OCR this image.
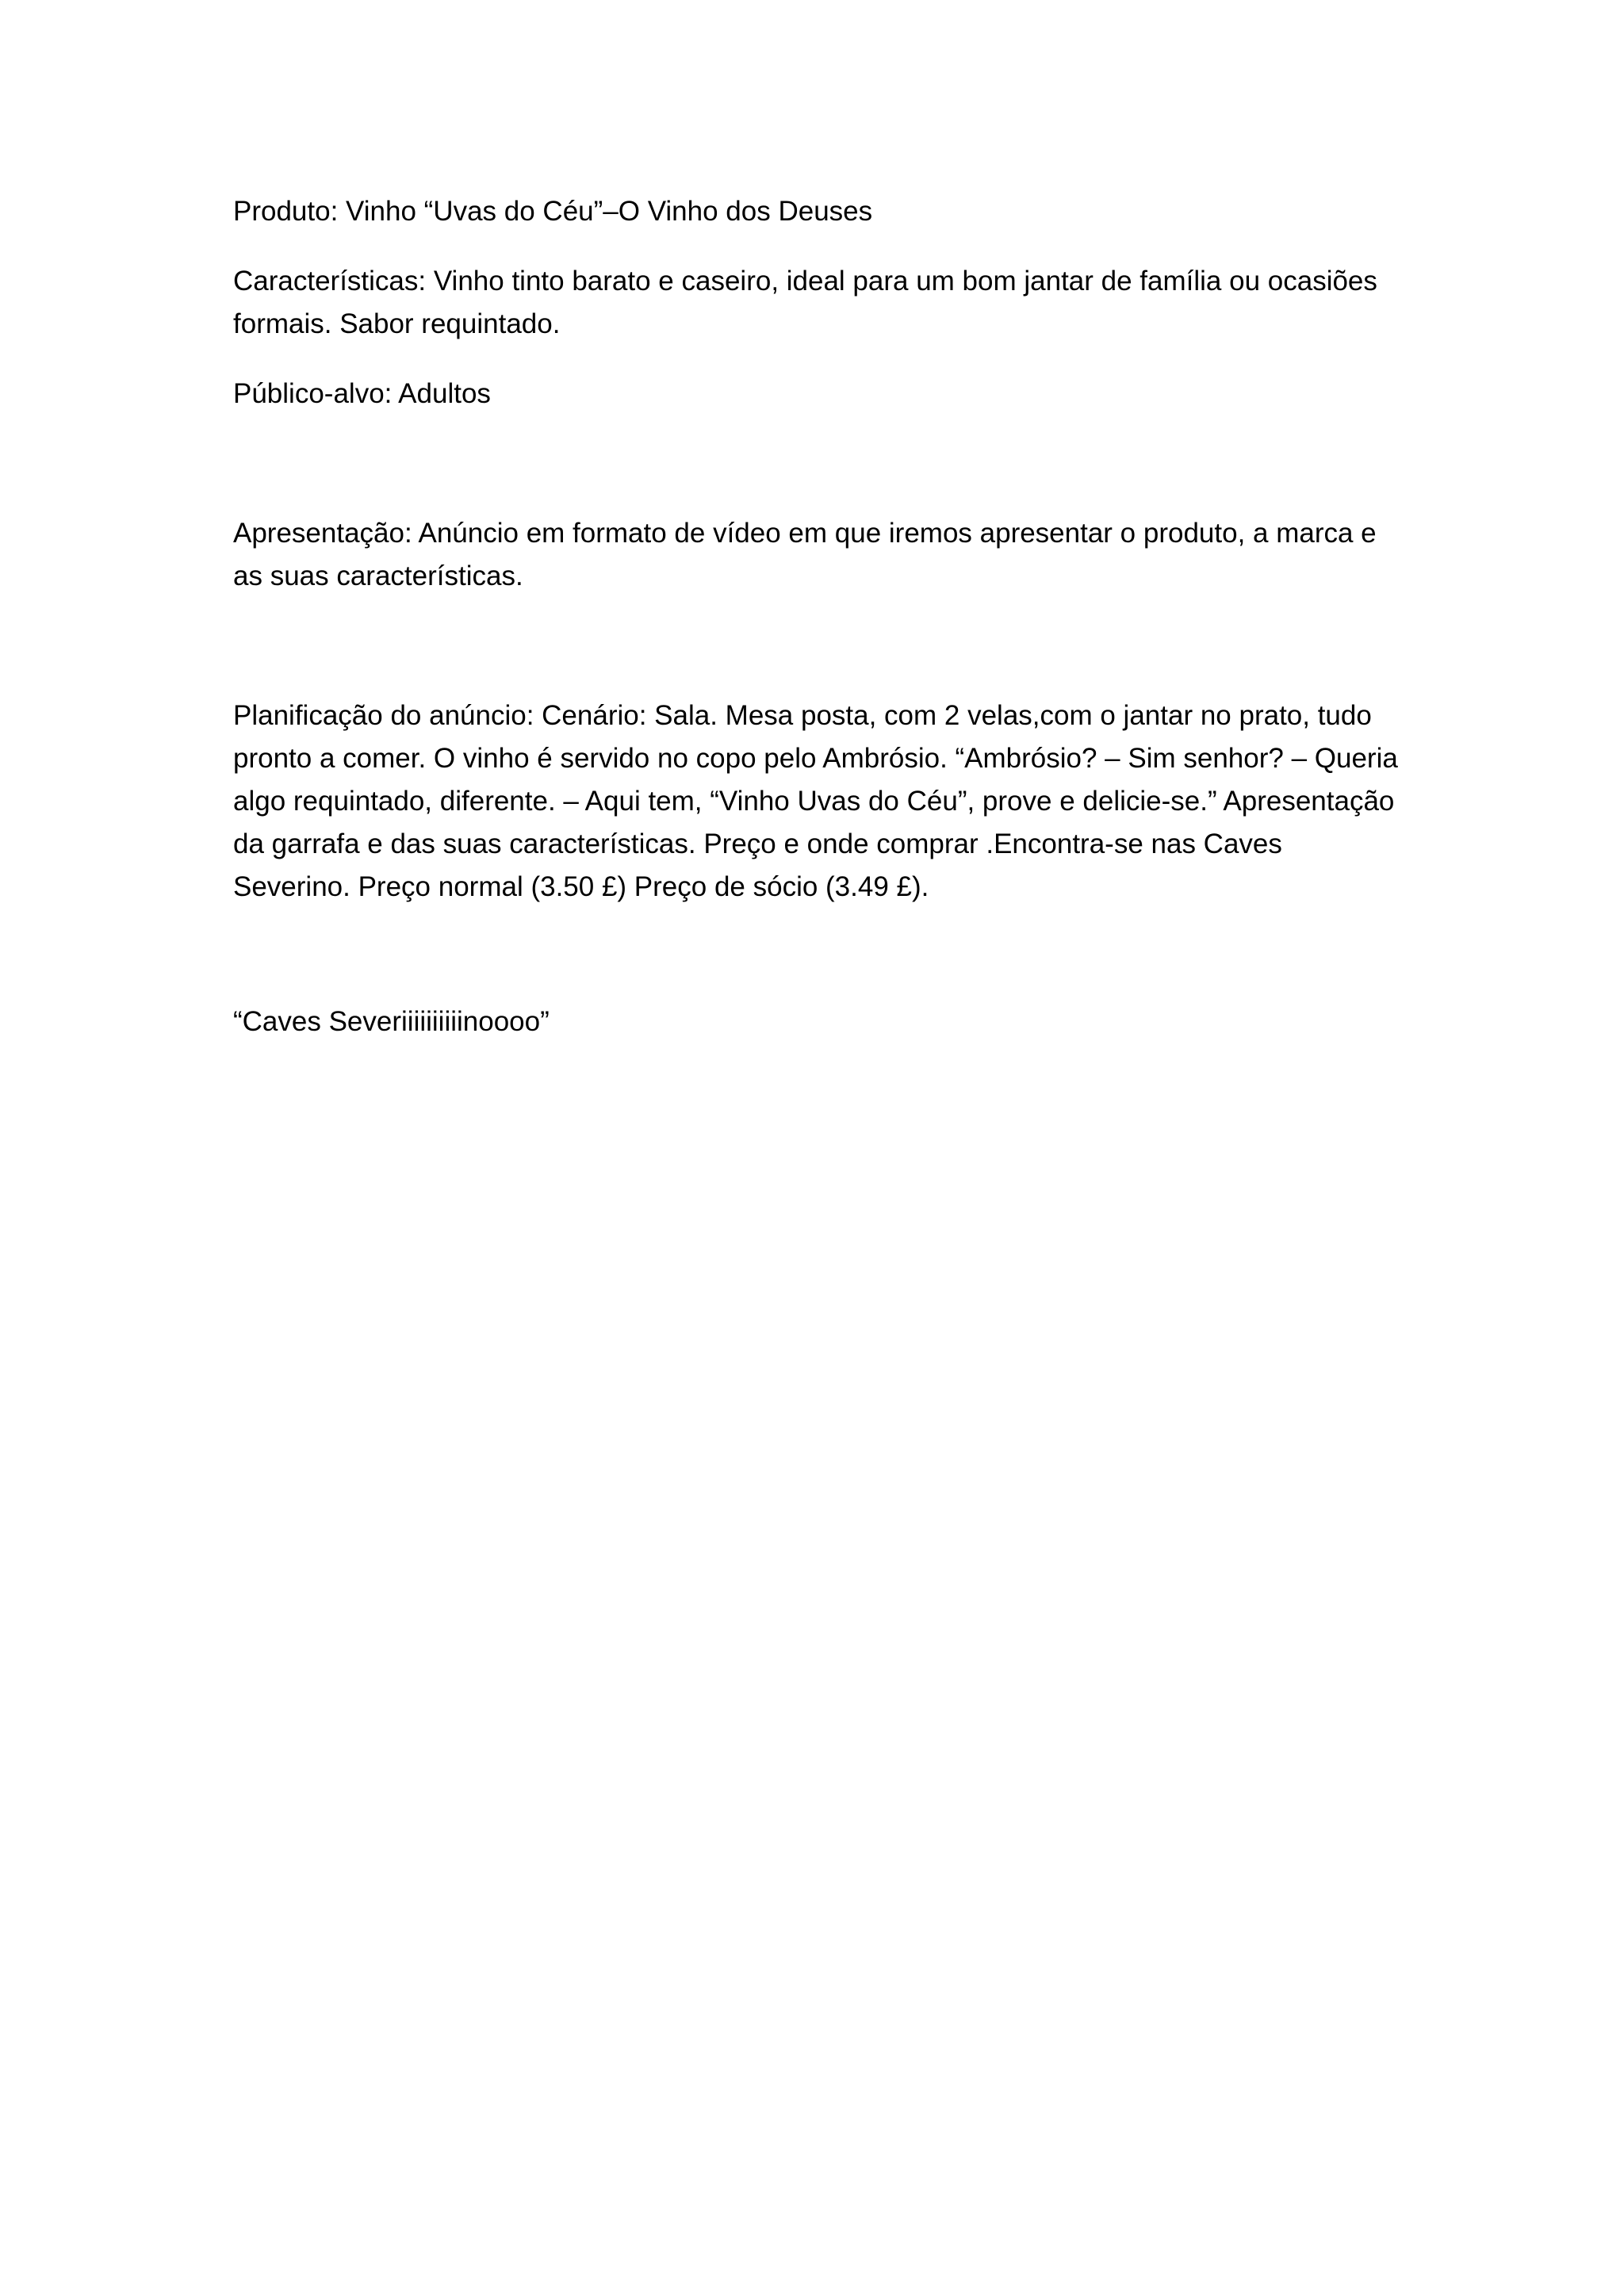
Produto: Vinho “Uvas do Céu”–O Vinho dos Deuses

Características: Vinho tinto barato e caseiro, ideal para um bom jantar de família ou ocasiões formais. Sabor requintado.

Público-alvo: Adultos

Apresentação: Anúncio em formato de vídeo em que iremos apresentar o produto, a marca e as suas características.

Planificação do anúncio: Cenário: Sala. Mesa posta, com 2 velas,com o jantar no prato, tudo pronto a comer. O vinho é servido no copo pelo Ambrósio. “Ambrósio? – Sim senhor? – Queria algo requintado, diferente. – Aqui tem, “Vinho Uvas do Céu”, prove e delicie-se.” Apresentação da garrafa e das suas características. Preço e onde comprar .Encontra-se nas Caves Severino. Preço normal (3.50 £) Preço de sócio (3.49 £).

“Caves Severiiiiiiiiiinoooo”
